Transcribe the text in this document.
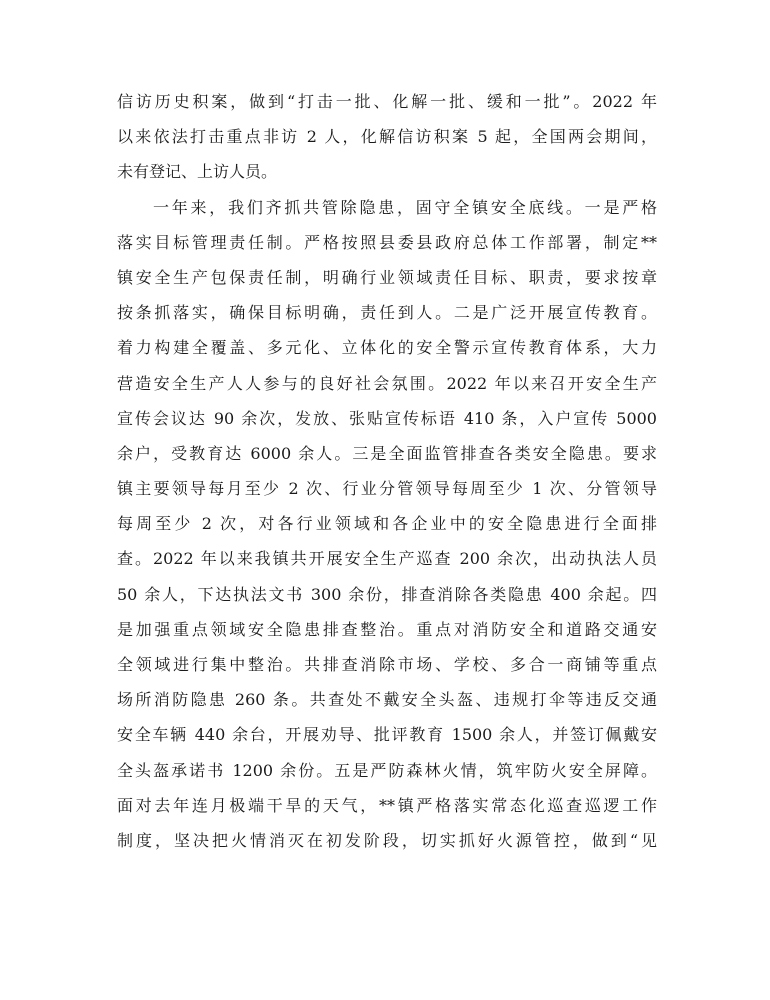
信访历史积案，做到“打击一批、化解一批、缓和一批”。2022 年
以来依法打击重点非访 2 人，化解信访积案 5 起，全国两会期间，
未有登记、上访人员。
一年来，我们齐抓共管除隐患，固守全镇安全底线。一是严格
落实目标管理责任制。严格按照县委县政府总体工作部署，制定**
镇安全生产包保责任制，明确行业领域责任目标、职责，要求按章
按条抓落实，确保目标明确，责任到人。二是广泛开展宣传教育。
着力构建全覆盖、多元化、立体化的安全警示宣传教育体系，大力
营造安全生产人人参与的良好社会氛围。2022 年以来召开安全生产
宣传会议达 90 余次，发放、张贴宣传标语 410 条，入户宣传 5000
余户，受教育达 6000 余人。三是全面监管排查各类安全隐患。要求
镇主要领导每月至少 2 次、行业分管领导每周至少 1 次、分管领导
每周至少 2 次，对各行业领域和各企业中的安全隐患进行全面排
查。2022 年以来我镇共开展安全生产巡查 200 余次，出动执法人员
50 余人，下达执法文书 300 余份，排查消除各类隐患 400 余起。四
是加强重点领域安全隐患排查整治。重点对消防安全和道路交通安
全领域进行集中整治。共排查消除市场、学校、多合一商铺等重点
场所消防隐患 260 条。共查处不戴安全头盔、违规打伞等违反交通
安全车辆 440 余台，开展劝导、批评教育 1500 余人，并签订佩戴安
全头盔承诺书 1200 余份。五是严防森林火情，筑牢防火安全屏障。
面对去年连月极端干旱的天气，**镇严格落实常态化巡查巡逻工作
制度，坚决把火情消灭在初发阶段，切实抓好火源管控，做到“见
